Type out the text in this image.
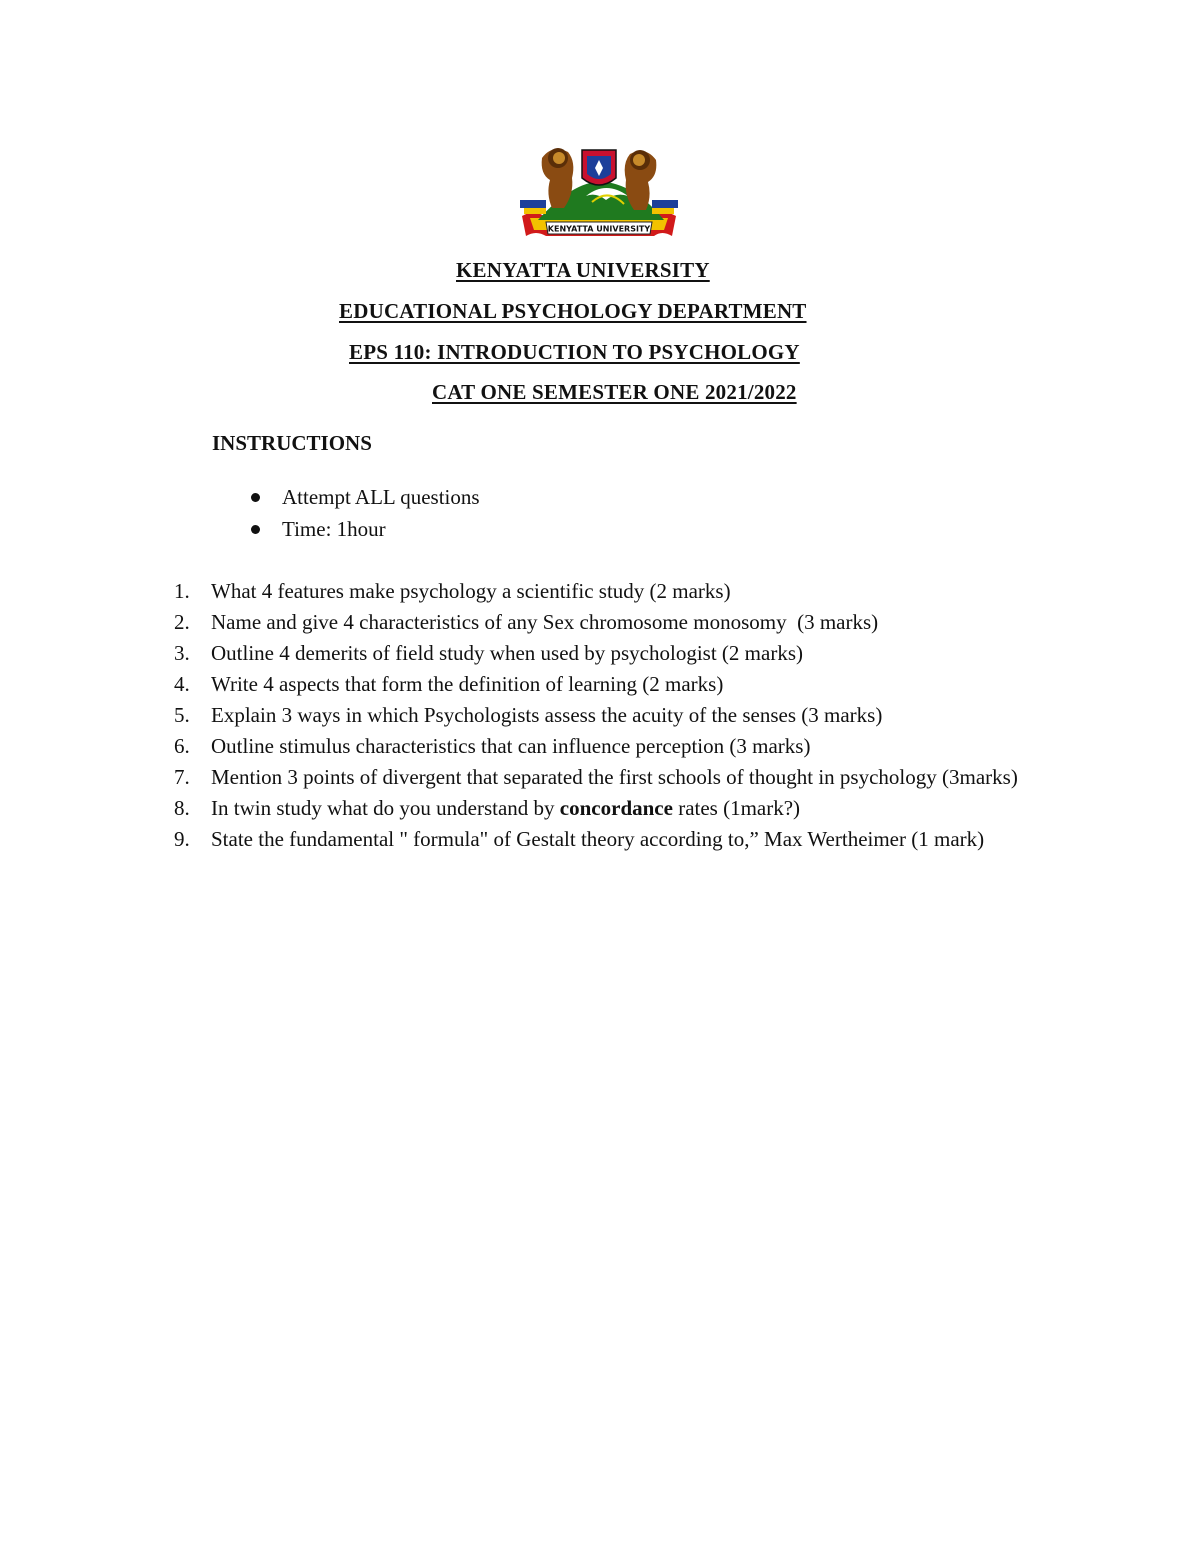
KENYATTA UNIVERSITY
KENYATTA UNIVERSITY
EDUCATIONAL PSYCHOLOGY DEPARTMENT
EPS 110: INTRODUCTION TO PSYCHOLOGY
CAT ONE SEMESTER ONE 2021/2022
INSTRUCTIONS
Attempt ALL questions
Time: 1hour
1.	What 4 features make psychology a scientific study (2 marks)
2.	Name and give 4 characteristics of any Sex chromosome monosomy  (3 marks)
3.	Outline 4 demerits of field study when used by psychologist (2 marks)
4.	Write 4 aspects that form the definition of learning (2 marks)
5.	Explain 3 ways in which Psychologists assess the acuity of the senses (3 marks)
6.	Outline stimulus characteristics that can influence perception (3 marks)
7.	Mention 3 points of divergent that separated the first schools of thought in psychology (3marks)
8.	In twin study what do you understand by concordance rates (1mark?)
9.	State the fundamental " formula" of Gestalt theory according to,” Max Wertheimer (1 mark)
